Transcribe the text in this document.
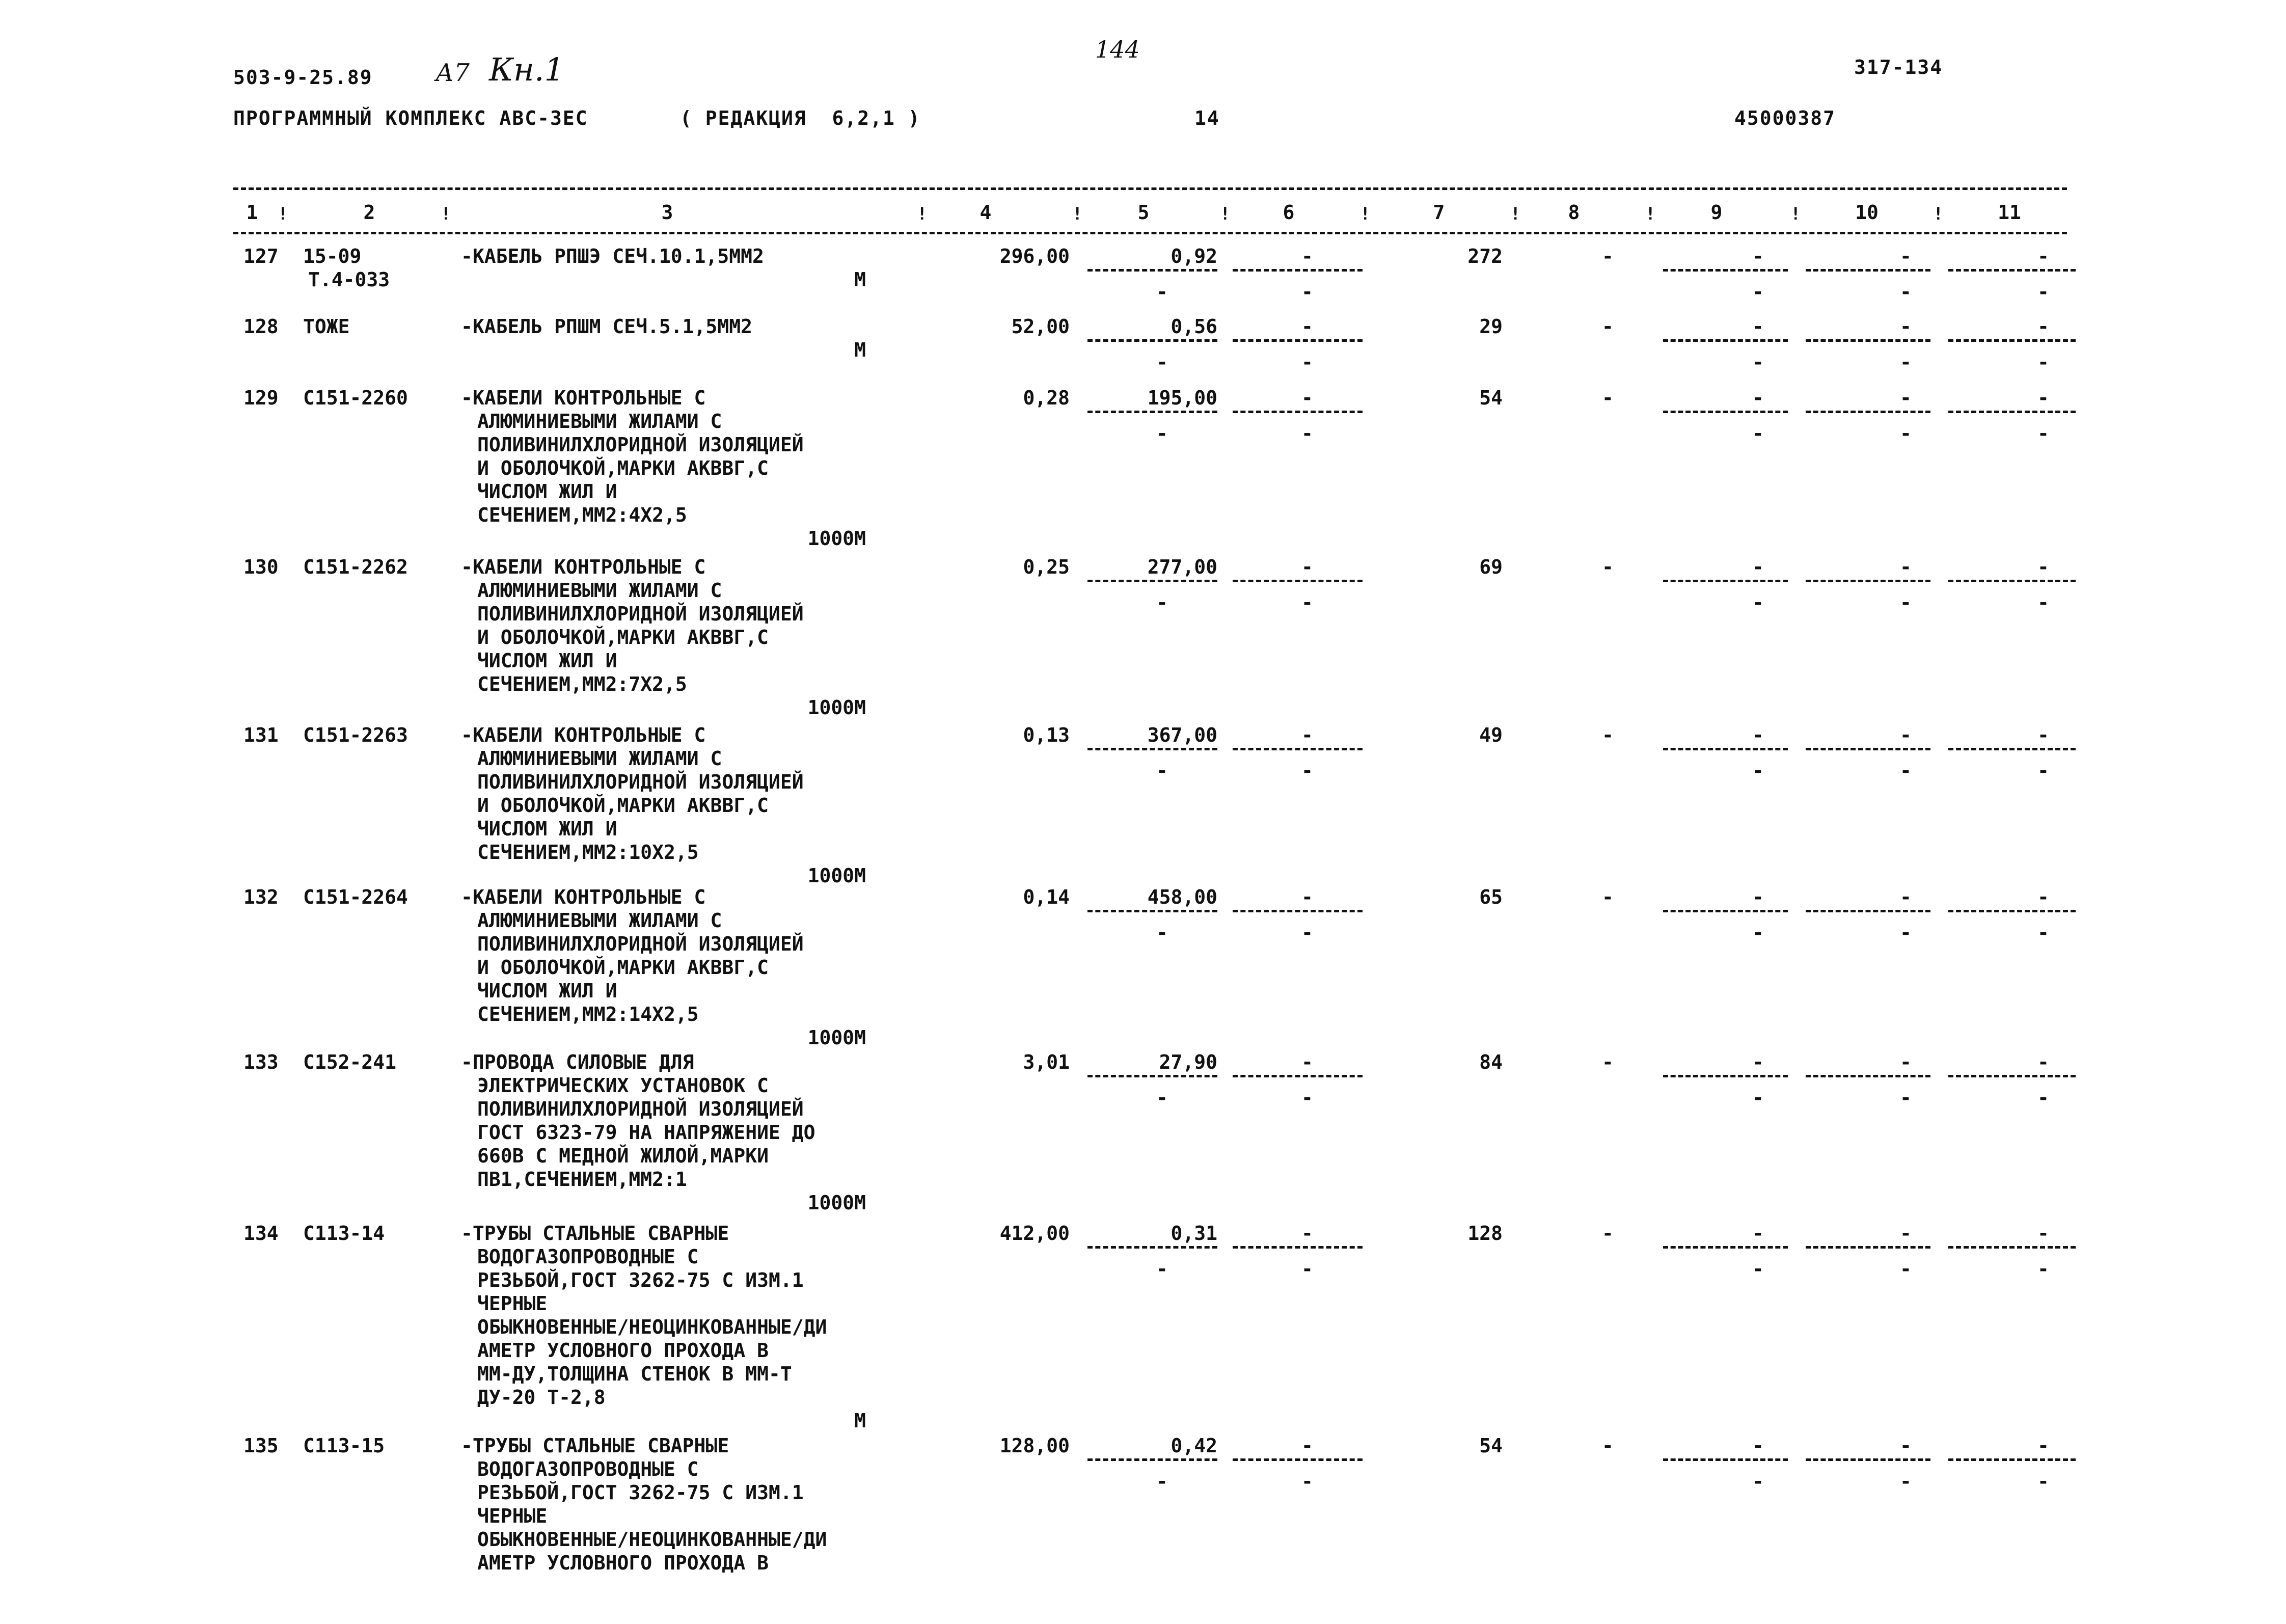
503-9-25.89	А7 Кн.1
144
317-134
ПРОГРАММНЫЙ КОМПЛЕКС АВС-3ЕС	( РЕДАКЦИЯ  6,2,1 )	14	45000387
1	2	3	4	5	6	7	8	9	10	11
!	!	!	!	!	!	!	!	!	!
127 15-09
Т.4-033
-КАБЕЛЬ РПШЭ СЕЧ.10.1,5ММ2
М
296,00	0,92	-	272	-	-	-	-
-	-	-	-	-
128 ТОЖЕ	-КАБЕЛЬ РПШМ СЕЧ.5.1,5ММ2
М
52,00	0,56	-	29	-	-	-	-
-	-	-	-	-
129 С151-2260	-КАБЕЛИ КОНТРОЛЬНЫЕ С
АЛЮМИНИЕВЫМИ ЖИЛАМИ С
ПОЛИВИНИЛХЛОРИДНОЙ ИЗОЛЯЦИЕЙ
И ОБОЛОЧКОЙ,МАРКИ АКВВГ,С
ЧИСЛОМ ЖИЛ И
СЕЧЕНИЕМ,ММ2:4Х2,5
1000М
0,28	195,00	-	54	-	-	-	-
-	-	-	-	-
130 С151-2262	-КАБЕЛИ КОНТРОЛЬНЫЕ С
АЛЮМИНИЕВЫМИ ЖИЛАМИ С
ПОЛИВИНИЛХЛОРИДНОЙ ИЗОЛЯЦИЕЙ
И ОБОЛОЧКОЙ,МАРКИ АКВВГ,С
ЧИСЛОМ ЖИЛ И
СЕЧЕНИЕМ,ММ2:7Х2,5
1000М
0,25	277,00	-	69	-	-	-	-
-	-	-	-	-
131 С151-2263	-КАБЕЛИ КОНТРОЛЬНЫЕ С
АЛЮМИНИЕВЫМИ ЖИЛАМИ С
ПОЛИВИНИЛХЛОРИДНОЙ ИЗОЛЯЦИЕЙ
И ОБОЛОЧКОЙ,МАРКИ АКВВГ,С
ЧИСЛОМ ЖИЛ И
СЕЧЕНИЕМ,ММ2:10Х2,5
1000М
0,13	367,00	-	49	-	-	-	-
-	-	-	-	-
132 С151-2264	-КАБЕЛИ КОНТРОЛЬНЫЕ С
АЛЮМИНИЕВЫМИ ЖИЛАМИ С
ПОЛИВИНИЛХЛОРИДНОЙ ИЗОЛЯЦИЕЙ
И ОБОЛОЧКОЙ,МАРКИ АКВВГ,С
ЧИСЛОМ ЖИЛ И
СЕЧЕНИЕМ,ММ2:14Х2,5
1000М
0,14	458,00	-	65	-	-	-	-
-	-	-	-	-
133 С152-241	-ПРОВОДА СИЛОВЫЕ ДЛЯ
ЭЛЕКТРИЧЕСКИХ УСТАНОВОК С
ПОЛИВИНИЛХЛОРИДНОЙ ИЗОЛЯЦИЕЙ
ГОСТ 6323-79 НА НАПРЯЖЕНИЕ ДО
660В С МЕДНОЙ ЖИЛОЙ,МАРКИ
ПВ1,СЕЧЕНИЕМ,ММ2:1
1000М
3,01	27,90	-	84	-	-	-	-
-	-	-	-	-
134 С113-14	-ТРУБЫ СТАЛЬНЫЕ СВАРНЫЕ
ВОДОГАЗОПРОВОДНЫЕ С
РЕЗЬБОЙ,ГОСТ 3262-75 С ИЗМ.1
ЧЕРНЫЕ
ОБЫКНОВЕННЫЕ/НЕОЦИНКОВАННЫЕ/ДИ
АМЕТР УСЛОВНОГО ПРОХОДА В
ММ-ДУ,ТОЛЩИНА СТЕНОК В ММ-Т
ДУ-20 Т-2,8
М
412,00	0,31	-	128	-	-	-	-
-	-	-	-	-
135 С113-15	-ТРУБЫ СТАЛЬНЫЕ СВАРНЫЕ
ВОДОГАЗОПРОВОДНЫЕ С
РЕЗЬБОЙ,ГОСТ 3262-75 С ИЗМ.1
ЧЕРНЫЕ
ОБЫКНОВЕННЫЕ/НЕОЦИНКОВАННЫЕ/ДИ
АМЕТР УСЛОВНОГО ПРОХОДА В
128,00	0,42	-	54	-	-	-	-
-	-	-	-	-
